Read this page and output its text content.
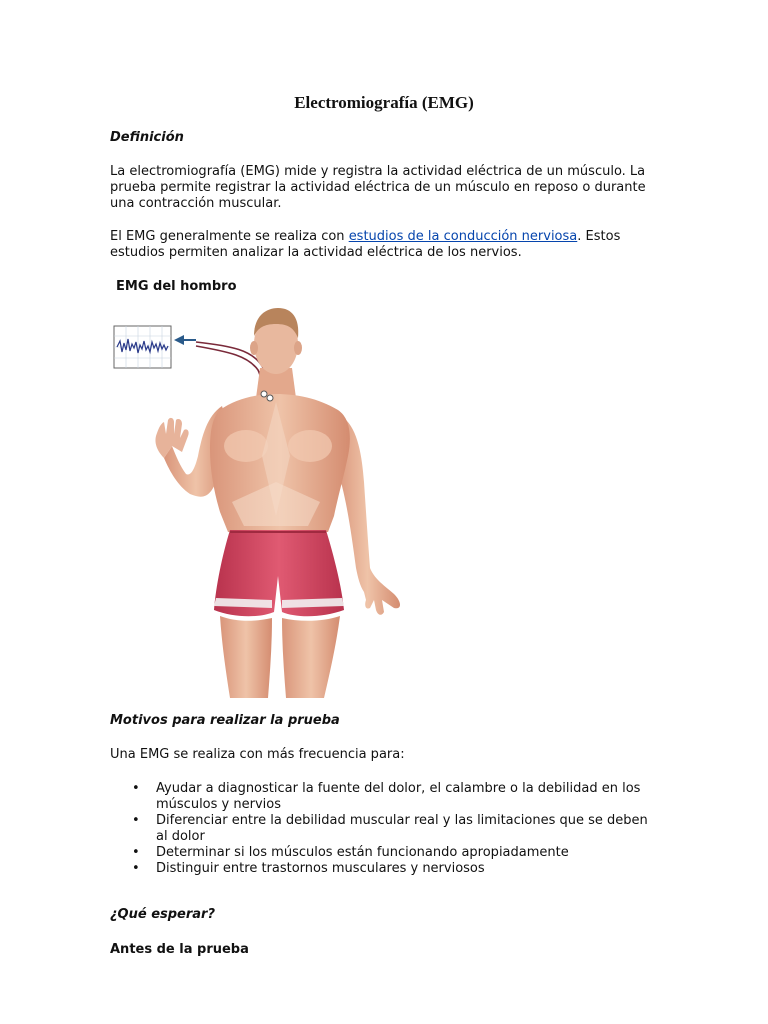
Electromiografía (EMG)

Definición

La electromiografía (EMG) mide y registra la actividad eléctrica de un músculo. La prueba permite registrar la actividad eléctrica de un músculo en reposo o durante una contracción muscular.

El EMG generalmente se realiza con estudios de la conducción nerviosa. Estos estudios permiten analizar la actividad eléctrica de los nervios.

EMG del hombro

Motivos para realizar la prueba

Una EMG se realiza con más frecuencia para:

• Ayudar a diagnosticar la fuente del dolor, el calambre o la debilidad en los músculos y nervios
• Diferenciar entre la debilidad muscular real y las limitaciones que se deben al dolor
• Determinar si los músculos están funcionando apropiadamente
• Distinguir entre trastornos musculares y nerviosos

¿Qué esperar?

Antes de la prueba
